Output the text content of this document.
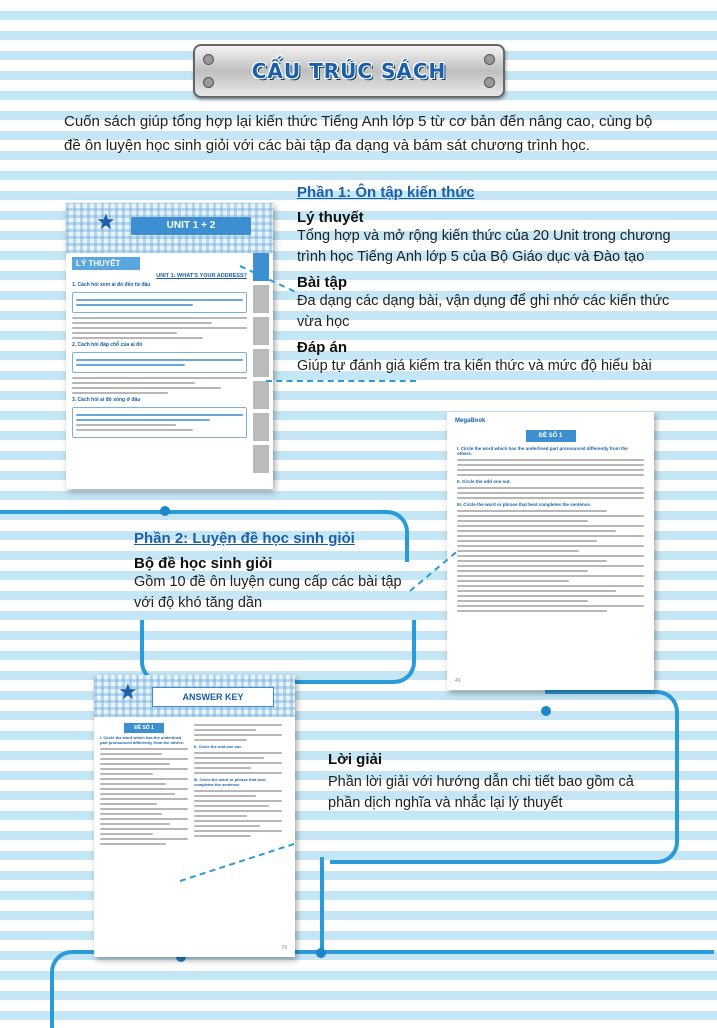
CẤU TRÚC SÁCH
Cuốn sách giúp tổng hợp lại kiến thức Tiếng Anh lớp 5 từ cơ bản đến nâng cao, cùng bộ đề ôn luyện học sinh giỏi với các bài tập đa dạng và bám sát chương trình học.
Phần 1: Ôn tập kiến thức
Lý thuyết
Tổng hợp và mở rộng kiến thức của 20 Unit trong chương trình học Tiếng Anh lớp 5 của Bộ Giáo dục và Đào tạo
Bài tập
Đa dạng các dạng bài, vận dụng để ghi nhớ các kiến thức vừa học
Đáp án
Giúp tự đánh giá kiểm tra kiến thức và mức độ hiểu bài
★	UNIT 1 + 2
LÝ THUYẾT
UNIT 1: WHAT'S YOUR ADDRESS?
1. Cách hỏi xem ai đó đến từ đâu
2. Cách hỏi đáp chỗ của ai đó
3. Cách hỏi ai đó sống ở đâu
MegaBook
ĐỀ SỐ 1
I. Circle the word which has the underlined part pronounced differently from the others.
II. Circle the odd one out.
III. Circle the word or phrase that best completes the sentence.
49
Phần 2: Luyện đề học sinh giỏi
Bộ đề học sinh giỏi
Gồm 10 đề ôn luyện cung cấp các bài tập với độ khó tăng dần
★	ANSWER KEY
ĐỀ SỐ 1
I. Circle the word which has the underlined part pronounced differently from the others.
II. Circle the odd one out.
III. Circle the word or phrase that best completes the sentence.
79
Lời giải
Phần lời giải với hướng dẫn chi tiết bao gồm cả phần dịch nghĩa và nhắc lại lý thuyết
